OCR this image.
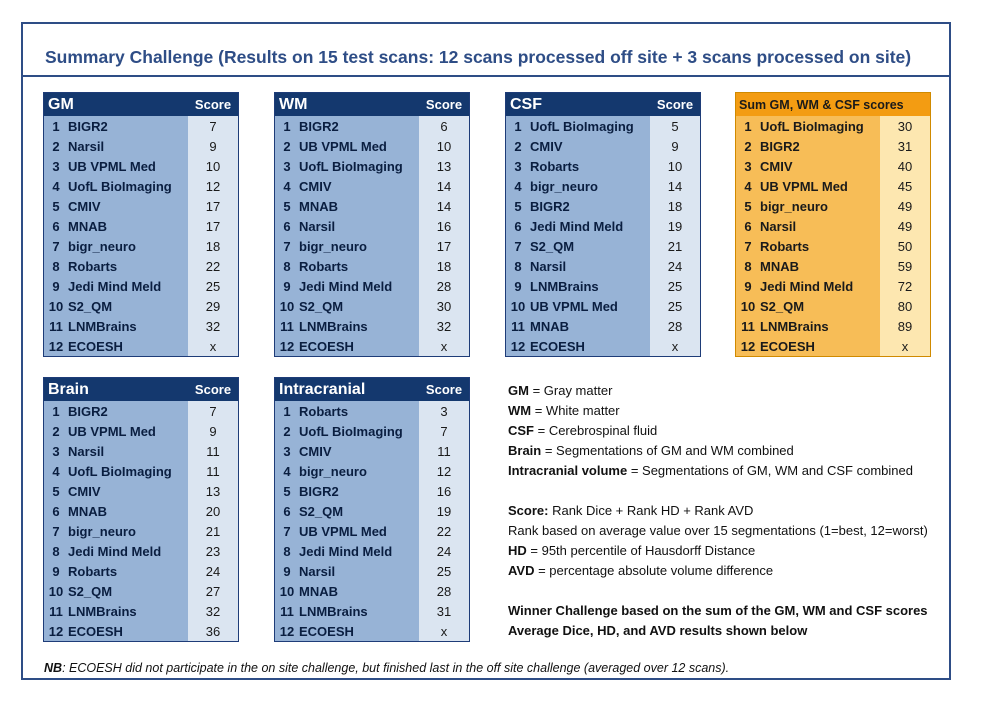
Summary Challenge (Results on 15 test scans: 12 scans processed off site + 3 scans processed on site)
GM	Score
1 BIGR2	7
2 Narsil	9
3 UB VPML Med	10
4 UofL BioImaging	12
5 CMIV	17
6 MNAB	17
7 bigr_neuro	18
8 Robarts	22
9 Jedi Mind Meld	25
10 S2_QM	29
11 LNMBrains	32
12 ECOESH	x
WM	Score
1 BIGR2	6
2 UB VPML Med	10
3 UofL BioImaging	13
4 CMIV	14
5 MNAB	14
6 Narsil	16
7 bigr_neuro	17
8 Robarts	18
9 Jedi Mind Meld	28
10 S2_QM	30
11 LNMBrains	32
12 ECOESH	x
CSF	Score
1 UofL BioImaging	5
2 CMIV	9
3 Robarts	10
4 bigr_neuro	14
5 BIGR2	18
6 Jedi Mind Meld	19
7 S2_QM	21
8 Narsil	24
9 LNMBrains	25
10 UB VPML Med	25
11 MNAB	28
12 ECOESH	x
Sum GM, WM & CSF scores
1 UofL BioImaging	30
2 BIGR2	31
3 CMIV	40
4 UB VPML Med	45
5 bigr_neuro	49
6 Narsil	49
7 Robarts	50
8 MNAB	59
9 Jedi Mind Meld	72
10 S2_QM	80
11 LNMBrains	89
12 ECOESH	x
Brain	Score
1 BIGR2	7
2 UB VPML Med	9
3 Narsil	11
4 UofL BioImaging	11
5 CMIV	13
6 MNAB	20
7 bigr_neuro	21
8 Jedi Mind Meld	23
9 Robarts	24
10 S2_QM	27
11 LNMBrains	32
12 ECOESH	36
Intracranial	Score
1 Robarts	3
2 UofL BioImaging	7
3 CMIV	11
4 bigr_neuro	12
5 BIGR2	16
6 S2_QM	19
7 UB VPML Med	22
8 Jedi Mind Meld	24
9 Narsil	25
10 MNAB	28
11 LNMBrains	31
12 ECOESH	x
GM = Gray matter
WM = White matter
CSF = Cerebrospinal fluid
Brain = Segmentations of GM and WM combined
Intracranial volume = Segmentations of GM, WM and CSF combined
Score: Rank Dice + Rank HD + Rank AVD
Rank based on average value over 15 segmentations (1=best, 12=worst)
HD = 95th percentile of Hausdorff Distance
AVD = percentage absolute volume difference
Winner Challenge based on the sum of the GM, WM and CSF scores
Average Dice, HD, and AVD results shown below
NB: ECOESH did not participate in the on site challenge, but finished last in the off site challenge (averaged over 12 scans).
